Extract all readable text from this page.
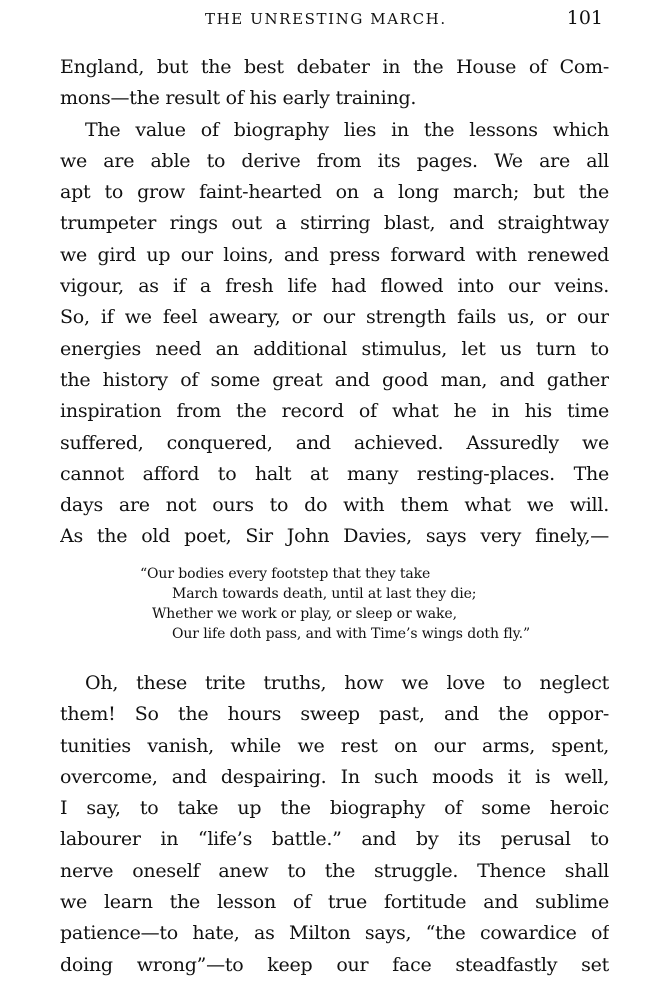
THE UNRESTING MARCH.	101
England, but the best debater in the House of Com-
mons—the result of his early training.
The value of biography lies in the lessons which
we are able to derive from its pages. We are all
apt to grow faint-hearted on a long march; but the
trumpeter rings out a stirring blast, and straightway
we gird up our loins, and press forward with renewed
vigour, as if a fresh life had flowed into our veins.
So, if we feel aweary, or our strength fails us, or our
energies need an additional stimulus, let us turn to
the history of some great and good man, and gather
inspiration from the record of what he in his time
suffered, conquered, and achieved. Assuredly we
cannot afford to halt at many resting-places. The
days are not ours to do with them what we will.
As the old poet, Sir John Davies, says very finely,—
“Our bodies every footstep that they take
March towards death, until at last they die;
Whether we work or play, or sleep or wake,
Our life doth pass, and with Time’s wings doth fly.”
Oh, these trite truths, how we love to neglect
them! So the hours sweep past, and the oppor-
tunities vanish, while we rest on our arms, spent,
overcome, and despairing. In such moods it is well,
I say, to take up the biography of some heroic
labourer in “life’s battle.” and by its perusal to
nerve oneself anew to the struggle. Thence shall
we learn the lesson of true fortitude and sublime
patience—to hate, as Milton says, “the cowardice of
doing wrong”—to keep our face steadfastly set
